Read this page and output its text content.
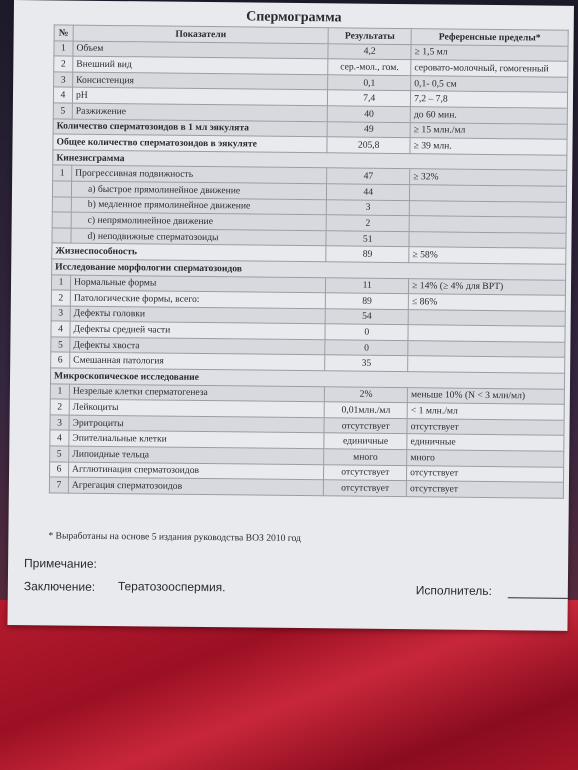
Спермограмма
№	Показатели	Результаты	Референсные пределы*
1	Объем	4,2	≥ 1,5 мл
2	Внешний вид	сер.-мол., гом.	серовато-молочный, гомогенный
3	Консистенция	0,1	0,1- 0,5 см
4	pH	7,4	7,2 – 7,8
5	Разжижение	40	до 60 мин.
Количество сперматозоидов в 1 мл эякулята		49	≥ 15 млн./мл
Общее количество сперматозоидов в эякуляте		205,8	≥ 39 млн.
Кинезисграмма			
1	Прогрессивная подвижность	47	≥ 32%
	a) быстрое прямолинейное движение	44	
	b) медленное прямолинейное движение	3	
	c) непрямолинейное движение	2	
	d) неподвижные сперматозоиды	51	
Жизнеспособность		89	≥ 58%
Исследование морфологии сперматозоидов			
1	Нормальные формы	11	≥ 14% (≥ 4% для ВРТ)
2	Патологические формы, всего:	89	≤ 86%
3	Дефекты головки	54	
4	Дефекты средней части	0	
5	Дефекты хвоста	0	
6	Смешанная патология	35	
Микроскопическое исследование			
1	Незрелые клетки сперматогенеза	2%	меньше 10% (N < 3 млн/мл)
2	Лейкоциты	0,01млн./мл	< 1 млн./мл
3	Эритроциты	отсутствует	отсутствует
4	Эпителиальные клетки	единичные	единичные
5	Липоидные тельца	много	много
6	Агглютинация сперматозоидов	отсутствует	отсутствует
7	Агрегация сперматозоидов	отсутствует	отсутствует
* Выработаны на основе 5 издания руководства ВОЗ 2010 год
Примечание:
Заключение: Тератозооспермия.	Исполнитель:
